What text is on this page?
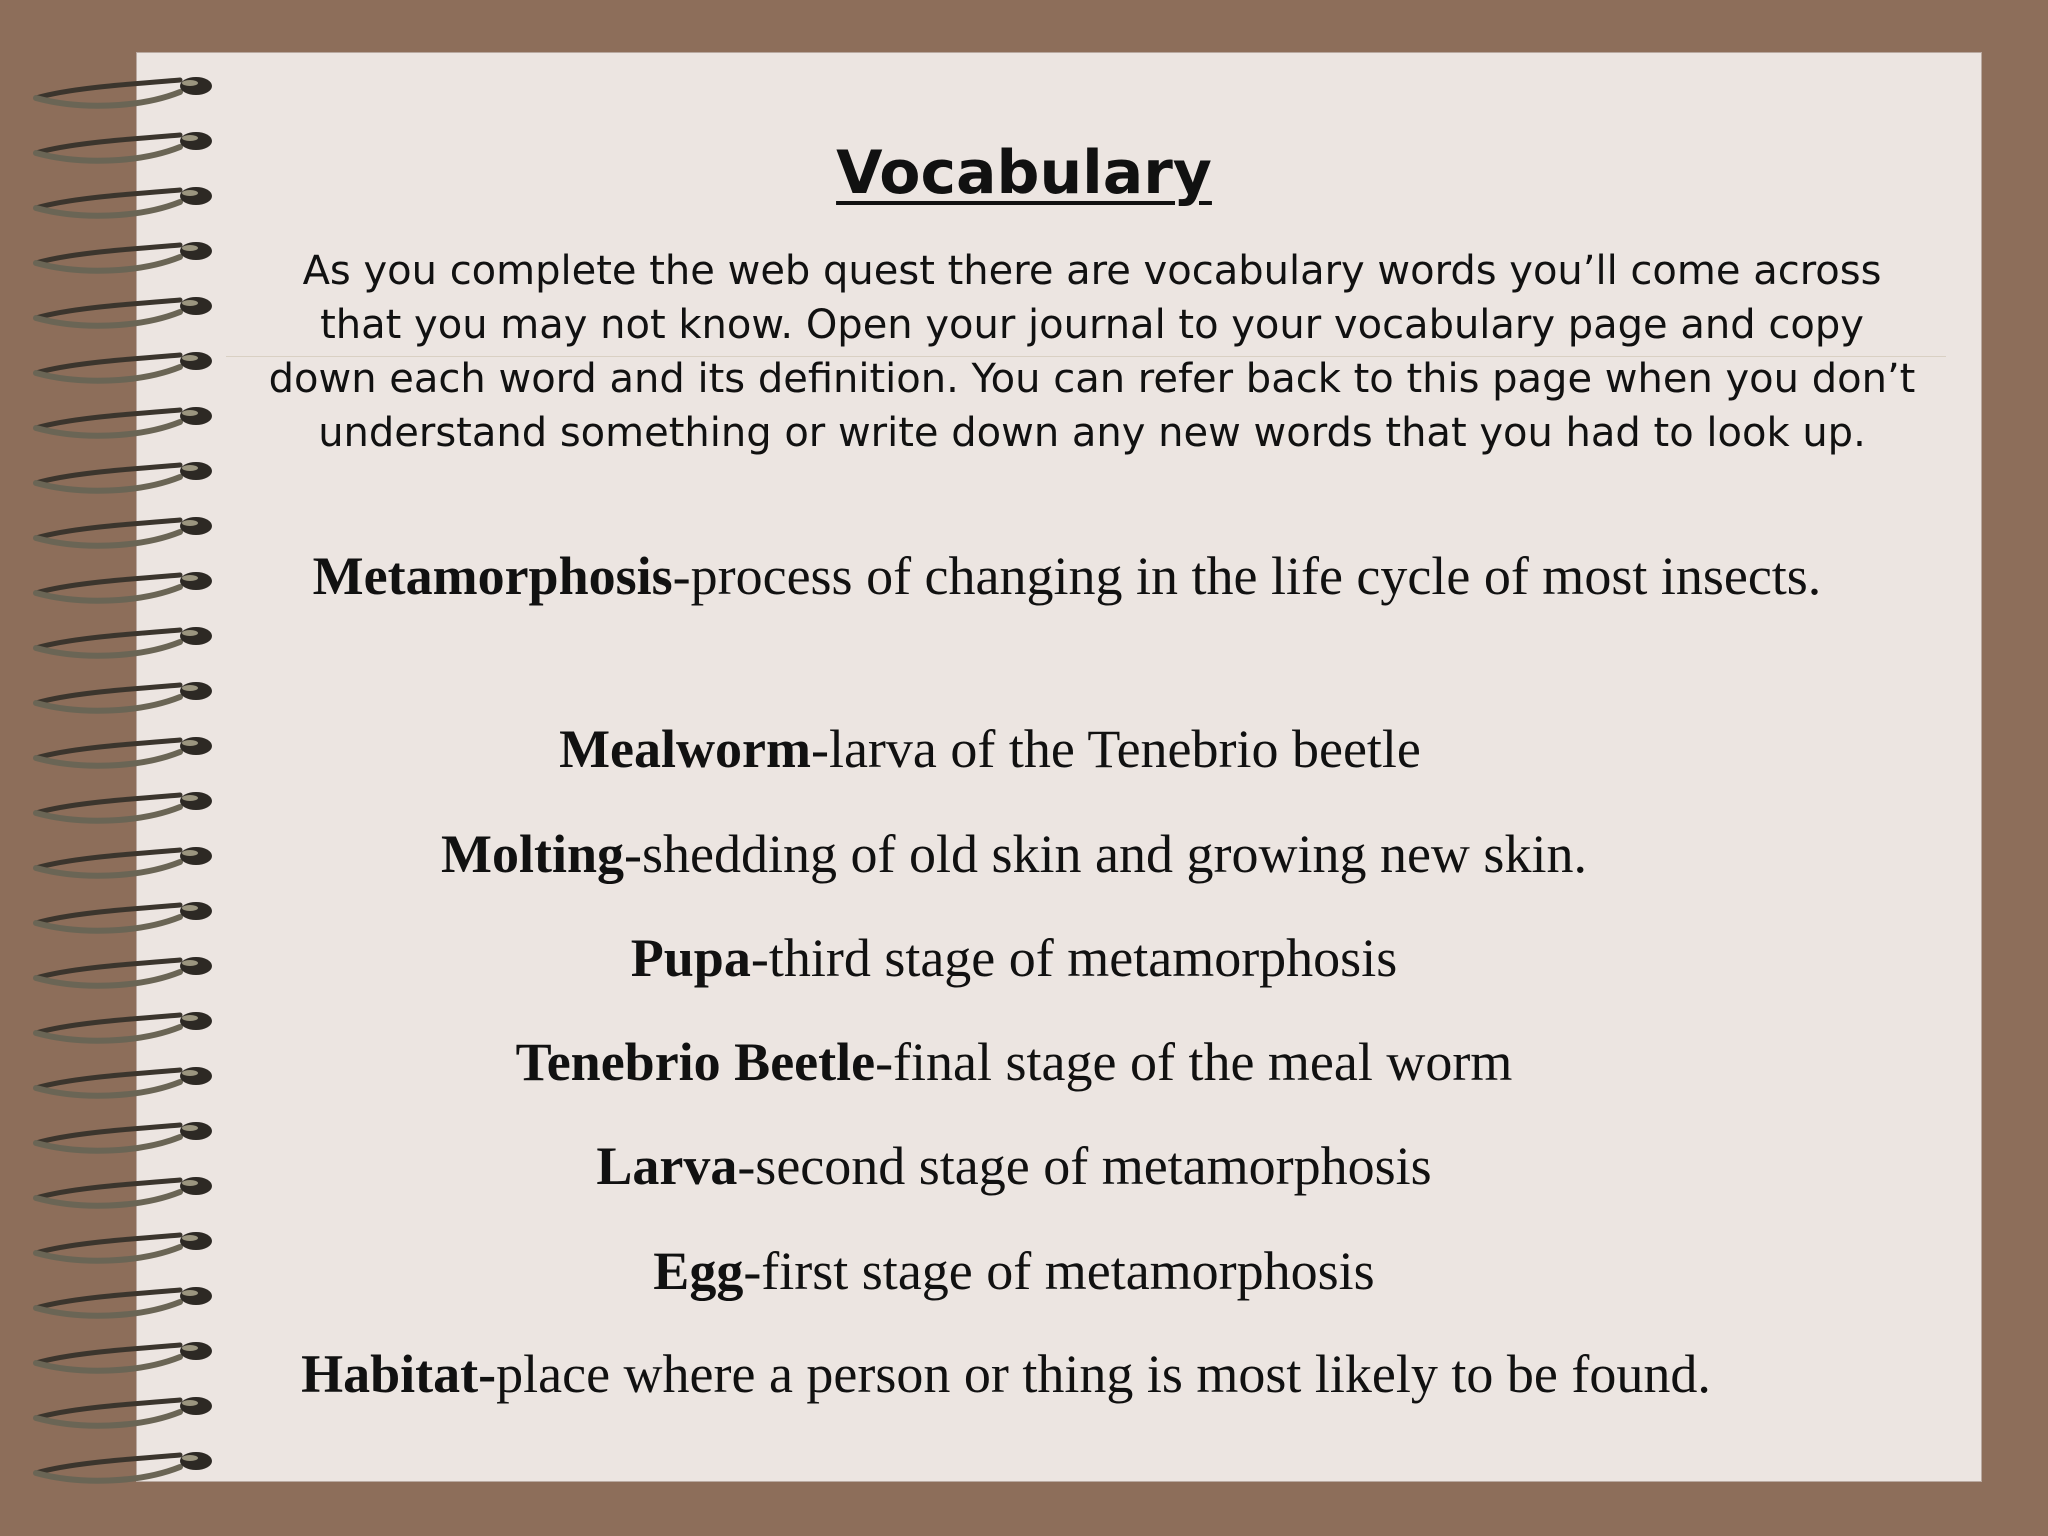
Vocabulary
As you complete the web quest there are vocabulary words you’ll come across that you may not know. Open your journal to your vocabulary page and copy down each word and its definition. You can refer back to this page when you don’t understand something or write down any new words that you had to look up.
Metamorphosis-process of changing in the life cycle of most insects.
Mealworm-larva of the Tenebrio beetle
Molting-shedding of old skin and growing new skin.
Pupa-third stage of metamorphosis
Tenebrio Beetle-final stage of the meal worm
Larva-second stage of metamorphosis
Egg-first stage of metamorphosis
Habitat-place where a person or thing is most likely to be found.
